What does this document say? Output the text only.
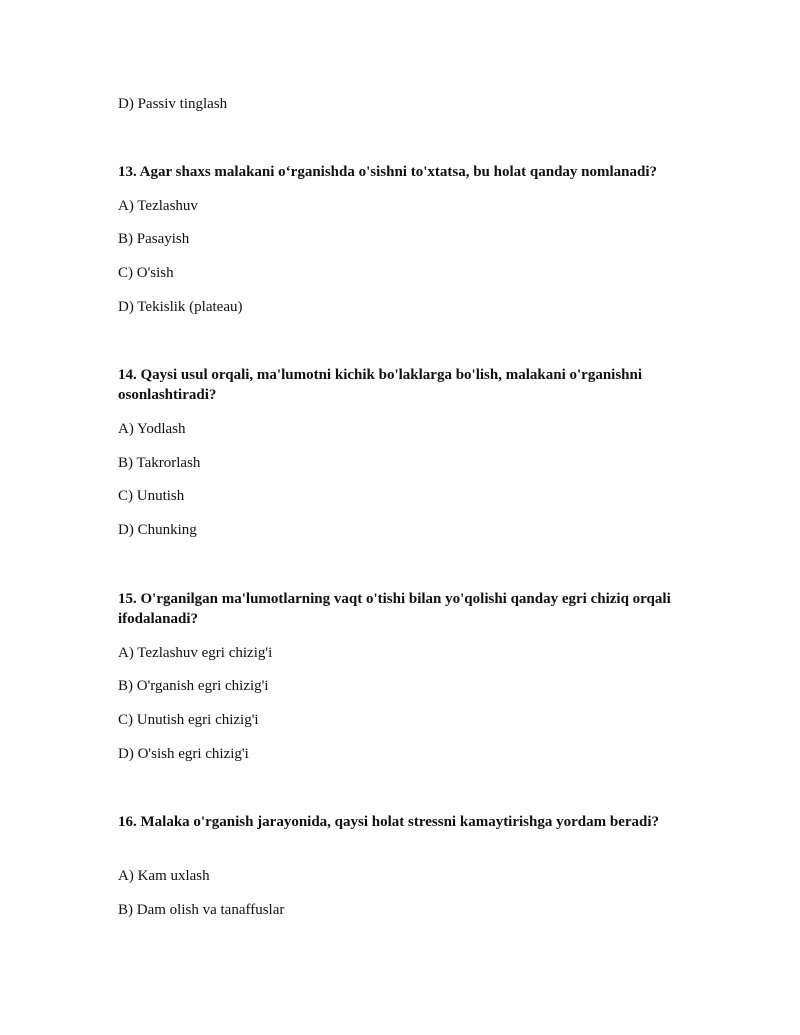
D) Passiv tinglash
13. Agar shaxs malakani o‘rganishda o'sishni to'xtatsa, bu holat qanday nomlanadi?
A) Tezlashuv
B) Pasayish
C) O'sish
D) Tekislik (plateau)
14. Qaysi usul orqali, ma'lumotni kichik bo'laklarga bo'lish, malakani o'rganishni osonlashtiradi?
A) Yodlash
B) Takrorlash
C) Unutish
D) Chunking
15. O'rganilgan ma'lumotlarning vaqt o'tishi bilan yo'qolishi qanday egri chiziq orqali ifodalanadi?
A) Tezlashuv egri chizig'i
B) O'rganish egri chizig'i
C) Unutish egri chizig'i
D) O'sish egri chizig'i
16. Malaka o'rganish jarayonida, qaysi holat stressni kamaytirishga yordam beradi?
A) Kam uxlash
B) Dam olish va tanaffuslar
